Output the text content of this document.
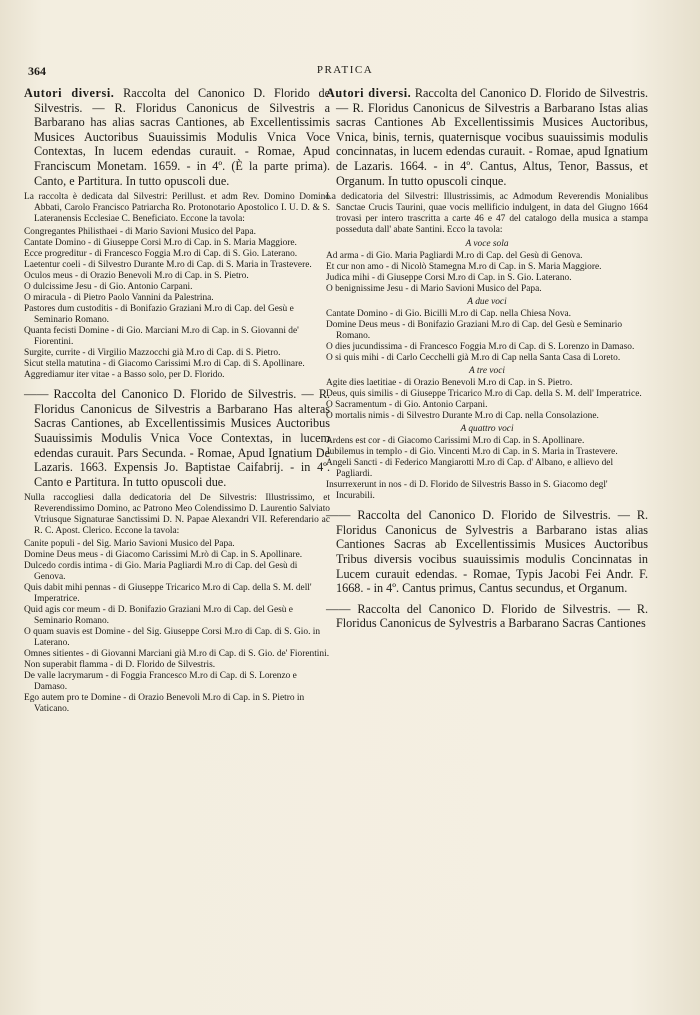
364	PRATICA

Autori diversi. Raccolta del Canonico D. Florido de Silvestris. — R. Floridus Canonicus de Silvestris a Barbarano has alias sacras Cantiones, ab Excellentissimis Musices Auctoribus Suauissimis Modulis Vnica Voce Contextas, In lucem edendas curauit. - Romae, Apud Franciscum Monetam. 1659. - in 4º. (È la parte prima). Canto, e Partitura. In tutto opuscoli due.

La raccolta è dedicata dal Silvestri: Perillust. et adm Rev. Domino Domino Abbati, Carolo Francisco Patriarcha Ro. Protonotario Apostolico I. U. D. & S. Lateranensis Ecclesiae C. Beneficiato. Eccone la tavola:

Congregantes Philisthaei - di Mario Savioni Musico del Papa.

Cantate Domino - di Giuseppe Corsi M.ro di Cap. in S. Maria Maggiore.

Ecce progreditur - di Francesco Foggia M.ro di Cap. di S. Gio. Laterano.

Laetentur coeli - di Silvestro Durante M.ro di Cap. di S. Maria in Trastevere.

Oculos meus - di Orazio Benevoli M.ro di Cap. in S. Pietro.

O dulcissime Jesu - di Gio. Antonio Carpani.

O miracula - di Pietro Paolo Vannini da Palestrina.

Pastores dum custoditis - di Bonifazio Graziani M.ro di Cap. del Gesù e Seminario Romano.

Quanta fecisti Domine - di Gio. Marciani M.ro di Cap. in S. Giovanni de' Fiorentini.

Surgite, currite - di Virgilio Mazzocchi già M.ro di Cap. di S. Pietro.

Sicut stella matutina - di Giacomo Carissimi M.ro di Cap. di S. Apollinare.

Aggrediamur iter vitae - a Basso solo, per D. Florido.

—— Raccolta del Canonico D. Florido de Silvestris. — R. Floridus Canonicus de Silvestris a Barbarano Has alteras Sacras Cantiones, ab Excellentissimis Musices Auctoribus Suauissimis Modulis Vnica Voce Contextas, in lucem edendas curauit. Pars Secunda. - Romae, Apud Ignatium De Lazaris. 1663. Expensis Jo. Baptistae Caifabrij. - in 4º. Canto e Partitura. In tutto opuscoli due.

Nulla raccogliesi dalla dedicatoria del De Silvestris: Illustrissimo, et Reverendissimo Domino, ac Patrono Meo Colendissimo D. Laurentio Salviato Vtriusque Signaturae Sanctissimi D. N. Papae Alexandri VII. Referendario ac R. C. Apost. Clerico. Eccone la tavola:

Canite populi - del Sig. Mario Savioni Musico del Papa.

Domine Deus meus - di Giacomo Carissimi M.rò di Cap. in S. Apollinare.

Dulcedo cordis intima - di Gio. Maria Pagliardi M.ro di Cap. del Gesù di Genova.

Quis dabit mihi pennas - di Giuseppe Tricarico M.ro di Cap. della S. M. dell' Imperatrice.

Quid agis cor meum - di D. Bonifazio Graziani M.ro di Cap. del Gesù e Seminario Romano.

O quam suavis est Domine - del Sig. Giuseppe Corsi M.ro di Cap. di S. Gio. in Laterano.

Omnes sitientes - di Giovanni Marciani già M.ro di Cap. di S. Gio. de' Fiorentini.

Non superabit flamma - di D. Florido de Silvestris.

De valle lacrymarum - di Foggia Francesco M.ro di Cap. di S. Lorenzo e Damaso.

Ego autem pro te Domine - di Orazio Benevoli M.ro di Cap. in S. Pietro in Vaticano.

Autori diversi. Raccolta del Canonico D. Florido de Silvestris. — R. Floridus Canonicus de Silvestris a Barbarano Istas alias sacras Cantiones Ab Excellentissimis Musices Auctoribus, Vnica, binis, ternis, quaternisque vocibus suauissimis modulis concinnatas, in lucem edendas curauit. - Romae, apud Ignatium de Lazaris. 1664. - in 4º. Cantus, Altus, Tenor, Bassus, et Organum. In tutto opuscoli cinque.

La dedicatoria del Silvestri: Illustrissimis, ac Admodum Reverendis Monialibus Sanctae Crucis Taurini, quae vocis mellificio indulgent, in data del Giugno 1664 trovasi per intero trascritta a carte 46 e 47 del catalogo della musica a stampa posseduta dall' abate Santini. Ecco la tavola:

A voce sola

Ad arma - di Gio. Maria Pagliardi M.ro di Cap. del Gesù di Genova.

Et cur non amo - di Nicolò Stamegna M.ro di Cap. in S. Maria Maggiore.

Judica mihi - di Giuseppe Corsi M.ro di Cap. in S. Gio. Laterano.

O benignissime Jesu - di Mario Savioni Musico del Papa.

A due voci

Cantate Domino - di Gio. Bicilli M.ro di Cap. nella Chiesa Nova.

Domine Deus meus - di Bonifazio Graziani M.ro di Cap. del Gesù e Seminario Romano.

O dies jucundissima - di Francesco Foggia M.ro di Cap. di S. Lorenzo in Damaso.

O si quis mihi - di Carlo Cecchelli già M.ro di Cap nella Santa Casa di Loreto.

A tre voci

Agite dies laetitiae - di Orazio Benevoli M.ro di Cap. in S. Pietro.

Deus, quis similis - di Giuseppe Tricarico M.ro di Cap. della S. M. dell' Imperatrice.

O Sacramentum - di Gio. Antonio Carpani.

O mortalis nimis - di Silvestro Durante M.ro di Cap. nella Consolazione.

A quattro voci

Ardens est cor - di Giacomo Carissimi M.ro di Cap. in S. Apollinare.

Jubilemus in templo - di Gio. Vincenti M.ro di Cap. in S. Maria in Trastevere.

Angeli Sancti - di Federico Mangiarotti M.ro di Cap. d' Albano, e allievo del Pagliardi.

Insurrexerunt in nos - di D. Florido de Silvestris Basso in S. Giacomo degl' Incurabili.

—— Raccolta del Canonico D. Florido de Silvestris. — R. Floridus Canonicus de Sylvestris a Barbarano istas alias Cantiones Sacras ab Excellentissimis Musices Auctoribus Tribus diversis vocibus suauissimis modulis Concinnatas in Lucem curauit edendas. - Romae, Typis Jacobi Fei Andr. F. 1668. - in 4º. Cantus primus, Cantus secundus, et Organum.

—— Raccolta del Canonico D. Florido de Silvestris. — R. Floridus Canonicus de Sylvestris a Barbarano Sacras Cantiones
